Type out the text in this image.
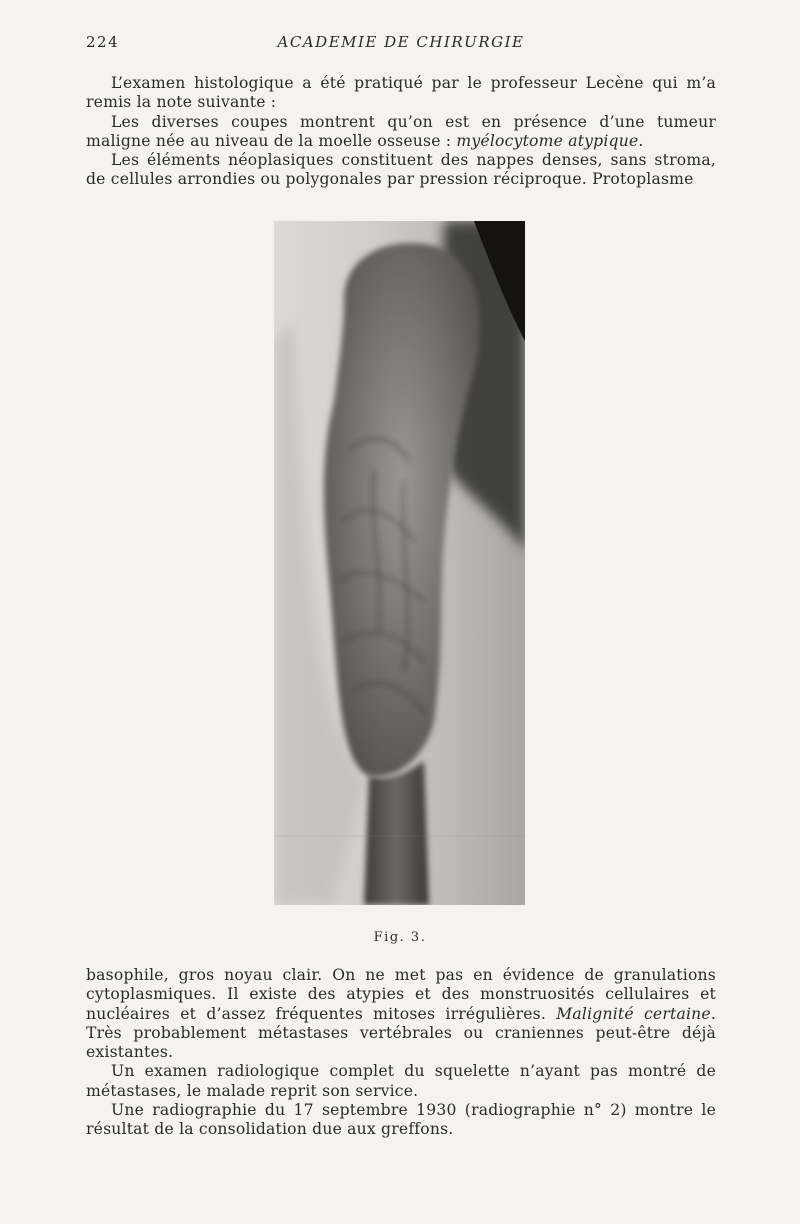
224	ACADEMIE DE CHIRURGIE

L’examen histologique a été pratiqué par le professeur Lecène qui m’a remis la note suivante :

Les diverses coupes montrent qu’on est en présence d’une tumeur maligne née au niveau de la moelle osseuse : myélocytome atypique.

Les éléments néoplasiques constituent des nappes denses, sans stroma, de cellules arrondies ou polygonales par pression réciproque. Protoplasme

Fig. 3.

basophile, gros noyau clair. On ne met pas en évidence de granulations cytoplasmiques. Il existe des atypies et des monstruosités cellulaires et nucléaires et d’assez fréquentes mitoses irrégulières. Malignité certaine. Très probablement métastases vertébrales ou craniennes peut-être déjà existantes.

Un examen radiologique complet du squelette n’ayant pas montré de métastases, le malade reprit son service.

Une radiographie du 17 septembre 1930 (radiographie n° 2) montre le résultat de la consolidation due aux greffons.
